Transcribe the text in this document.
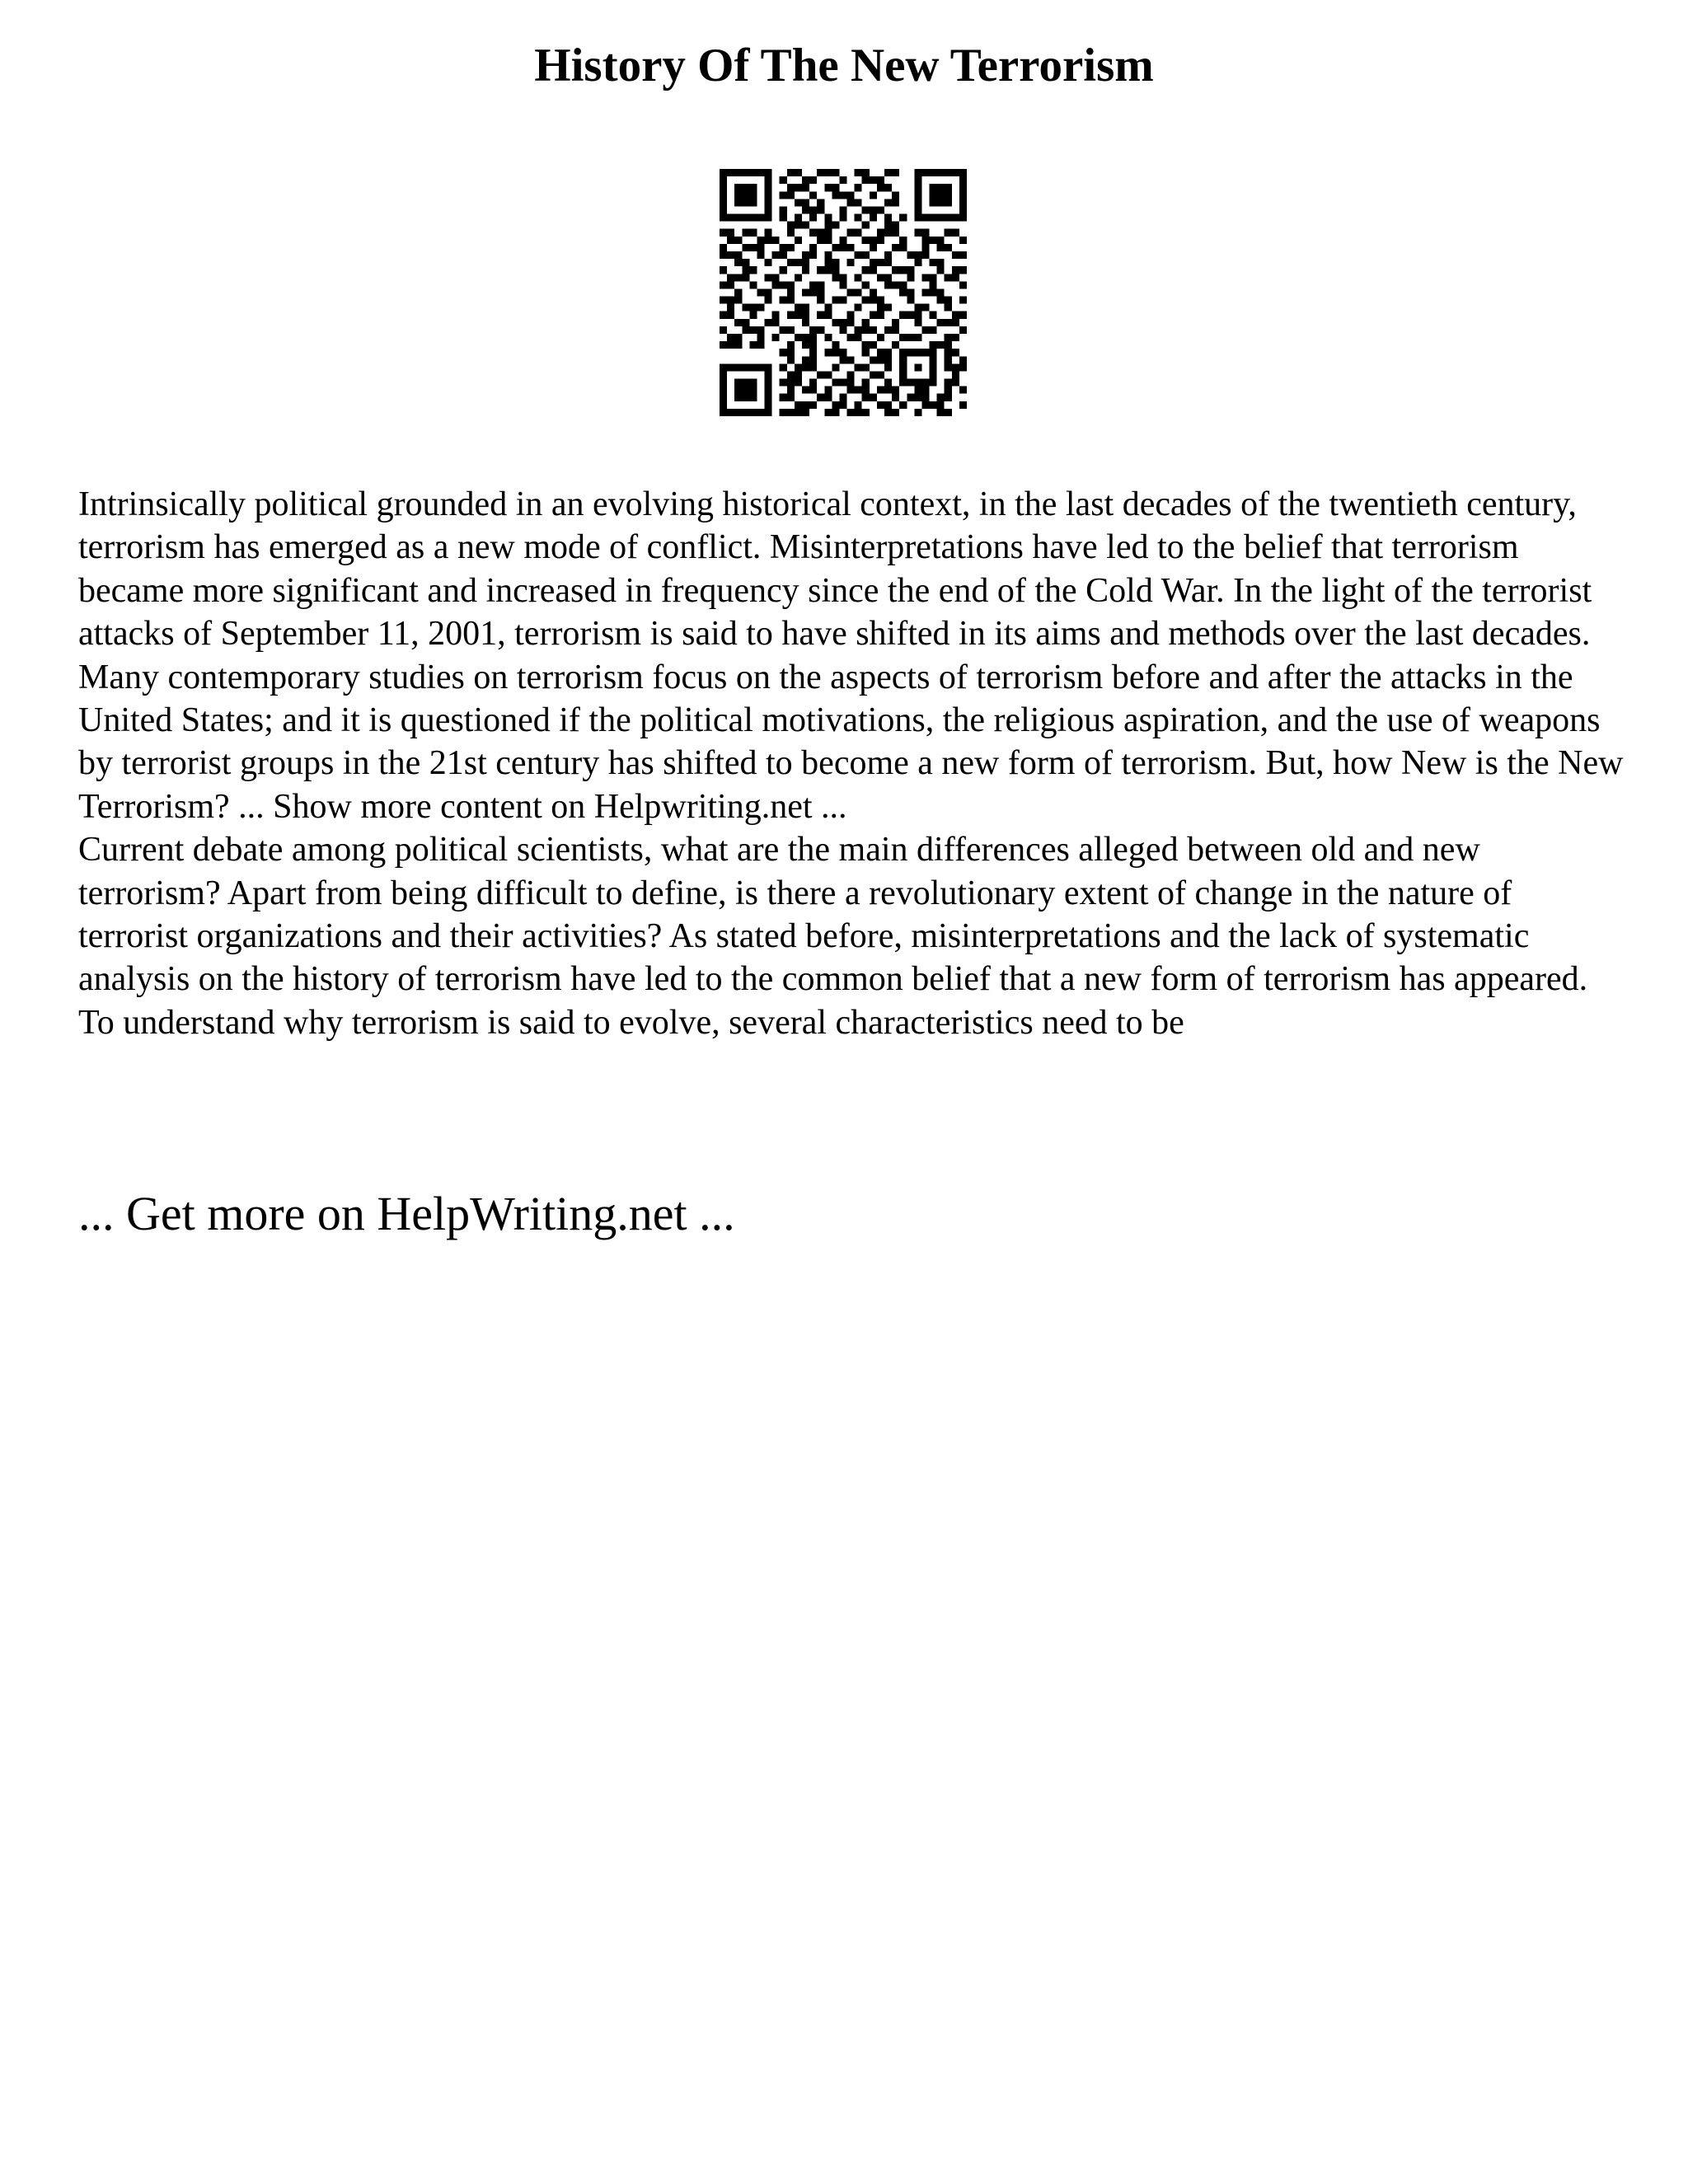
History Of The New Terrorism

Intrinsically political grounded in an evolving historical context, in the last decades of the twentieth century, terrorism has emerged as a new mode of conflict. Misinterpretations have led to the belief that terrorism became more significant and increased in frequency since the end of the Cold War. In the light of the terrorist attacks of September 11, 2001, terrorism is said to have shifted in its aims and methods over the last decades. Many contemporary studies on terrorism focus on the aspects of terrorism before and after the attacks in the United States; and it is questioned if the political motivations, the religious aspiration, and the use of weapons by terrorist groups in the 21st century has shifted to become a new form of terrorism. But, how New is the New Terrorism? ... Show more content on Helpwriting.net ...

Current debate among political scientists, what are the main differences alleged between old and new terrorism? Apart from being difficult to define, is there a revolutionary extent of change in the nature of terrorist organizations and their activities? As stated before, misinterpretations and the lack of systematic analysis on the history of terrorism have led to the common belief that a new form of terrorism has appeared. To understand why terrorism is said to evolve, several characteristics need to be

... Get more on HelpWriting.net ...
